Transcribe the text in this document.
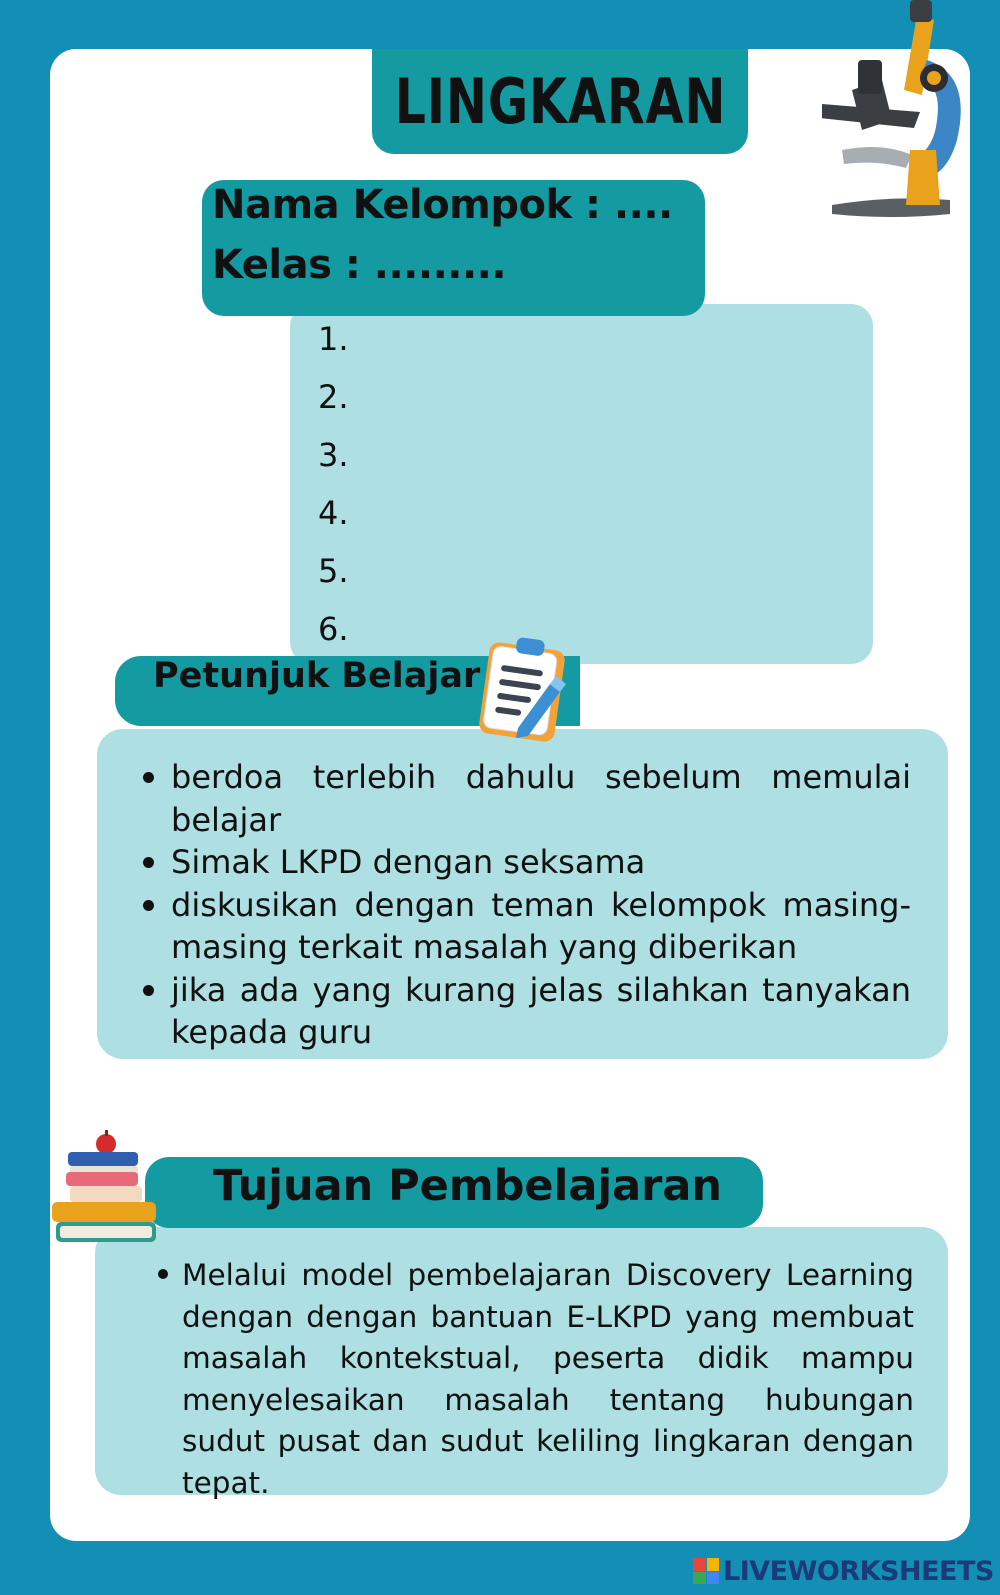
LINGKARAN
Nama Kelompok : ....
Kelas : .........
1.
2.
3.
4.
5.
6.
Petunjuk Belajar
berdoa terlebih dahulu sebelum memulai belajar
Simak LKPD dengan seksama
diskusikan dengan teman kelompok masing-masing terkait masalah yang diberikan
jika ada yang kurang jelas silahkan tanyakan kepada guru
Tujuan Pembelajaran
Melalui model pembelajaran Discovery Learning dengan dengan bantuan E-LKPD yang membuat masalah kontekstual, peserta didik mampu menyelesaikan masalah tentang hubungan sudut pusat dan sudut keliling lingkaran dengan tepat.
LIVEWORKSHEETS
